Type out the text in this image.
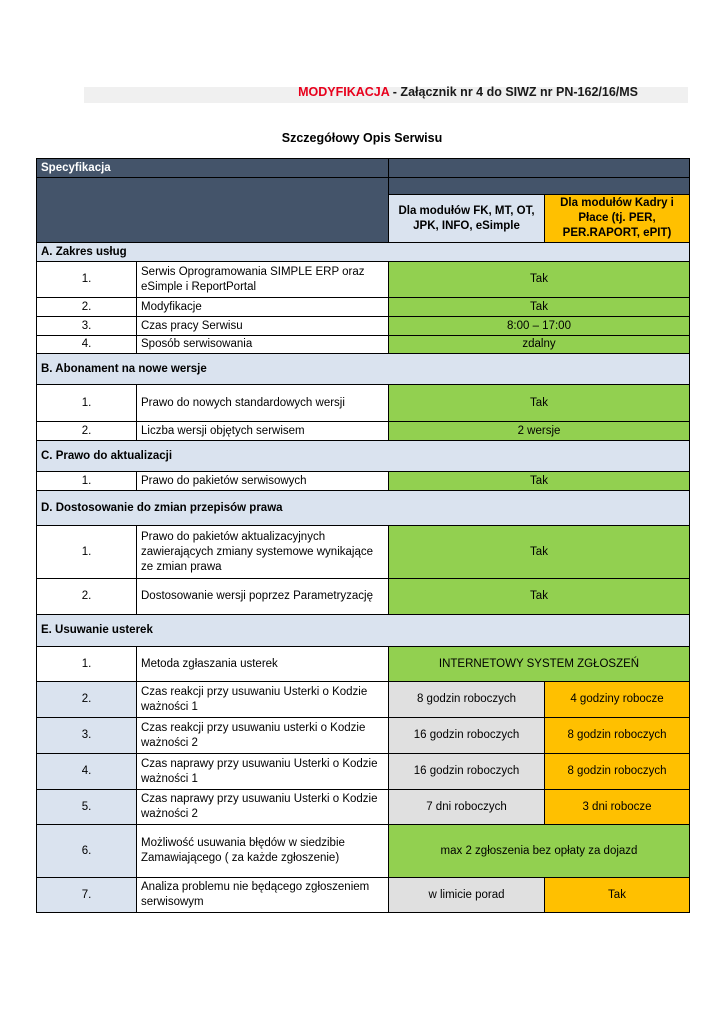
MODYFIKACJA - Załącznik nr 4 do SIWZ nr PN-162/16/MS
Szczegółowy Opis Serwisu
Specyfikacja			

		Dla modułów FK, MT, OT, JPK, INFO, eSimple	Dla modułów Kadry i Płace (tj. PER, PER.RAPORT, ePIT)
A. Zakres usług			
1.	Serwis Oprogramowania SIMPLE ERP oraz eSimple i ReportPortal	Tak	
2.	Modyfikacje	Tak	
3.	Czas pracy Serwisu	8:00 – 17:00	
4.	Sposób serwisowania	zdalny	
B. Abonament na nowe wersje			
1.	Prawo do nowych standardowych wersji	Tak	
2.	Liczba wersji objętych serwisem	2 wersje	
C. Prawo do aktualizacji			
1.	Prawo do pakietów serwisowych	Tak	
D. Dostosowanie do zmian przepisów prawa			
1.	Prawo do pakietów aktualizacyjnych zawierających zmiany systemowe wynikające ze zmian prawa	Tak	
2.	Dostosowanie wersji poprzez Parametryzację	Tak	
E. Usuwanie usterek			
1.	Metoda zgłaszania usterek	INTERNETOWY SYSTEM ZGŁOSZEŃ	
2.	Czas reakcji przy usuwaniu Usterki o Kodzie ważności 1	8 godzin roboczych	4 godziny robocze
3.	Czas reakcji przy usuwaniu usterki o Kodzie ważności 2	16 godzin roboczych	8 godzin roboczych
4.	Czas naprawy przy usuwaniu Usterki o Kodzie ważności 1	16 godzin roboczych	8 godzin roboczych
5.	Czas naprawy przy usuwaniu Usterki o Kodzie ważności 2	7 dni roboczych	3 dni robocze
6.	Możliwość usuwania błędów w siedzibie Zamawiającego ( za każde zgłoszenie)	max 2 zgłoszenia bez opłaty za dojazd	
7.	Analiza problemu nie będącego zgłoszeniem serwisowym	w limicie porad	Tak
